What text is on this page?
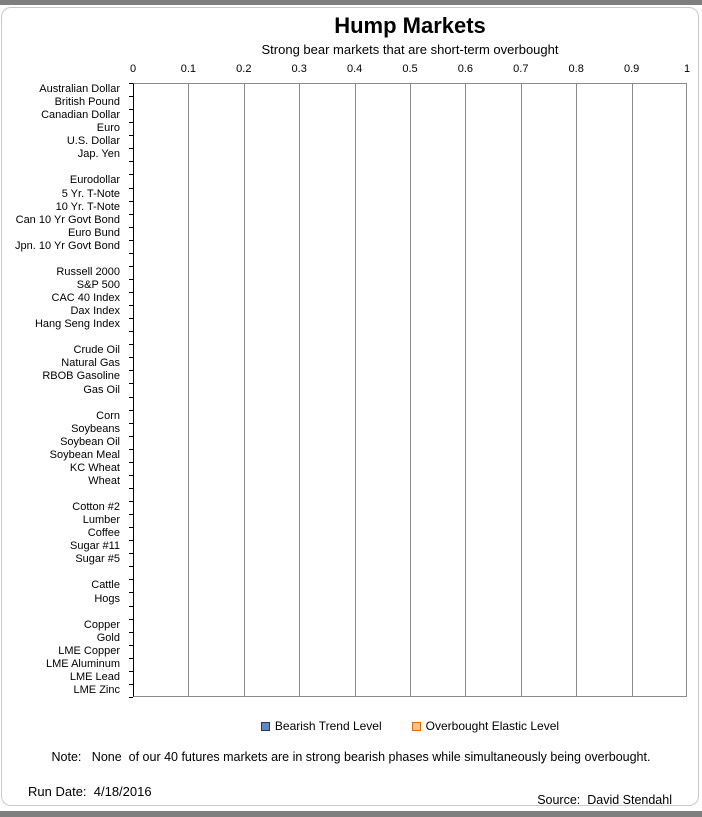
Hump Markets
Strong bear markets that are short-term overbought
0	0.1	0.2	0.3	0.4	0.5	0.6	0.7	0.8	0.9	1
Australian Dollar
British Pound
Canadian Dollar
Euro
U.S. Dollar
Jap. Yen
Eurodollar
5 Yr. T-Note
10 Yr. T-Note
Can 10 Yr Govt Bond
Euro Bund
Jpn. 10 Yr Govt Bond
Russell 2000
S&P 500
CAC 40 Index
Dax Index
Hang Seng Index
Crude Oil
Natural Gas
RBOB Gasoline
Gas Oil
Corn
Soybeans
Soybean Oil
Soybean Meal
KC Wheat
Wheat
Cotton #2
Lumber
Coffee
Sugar #11
Sugar #5
Cattle
Hogs
Copper
Gold
LME Copper
LME Aluminum
LME Lead
LME Zinc
Bearish Trend Level	Overbought Elastic Level
Note:   None  of our 40 futures markets are in strong bearish phases while simultaneously being overbought.
Run Date:  4/18/2016
Source:  David Stendahl
